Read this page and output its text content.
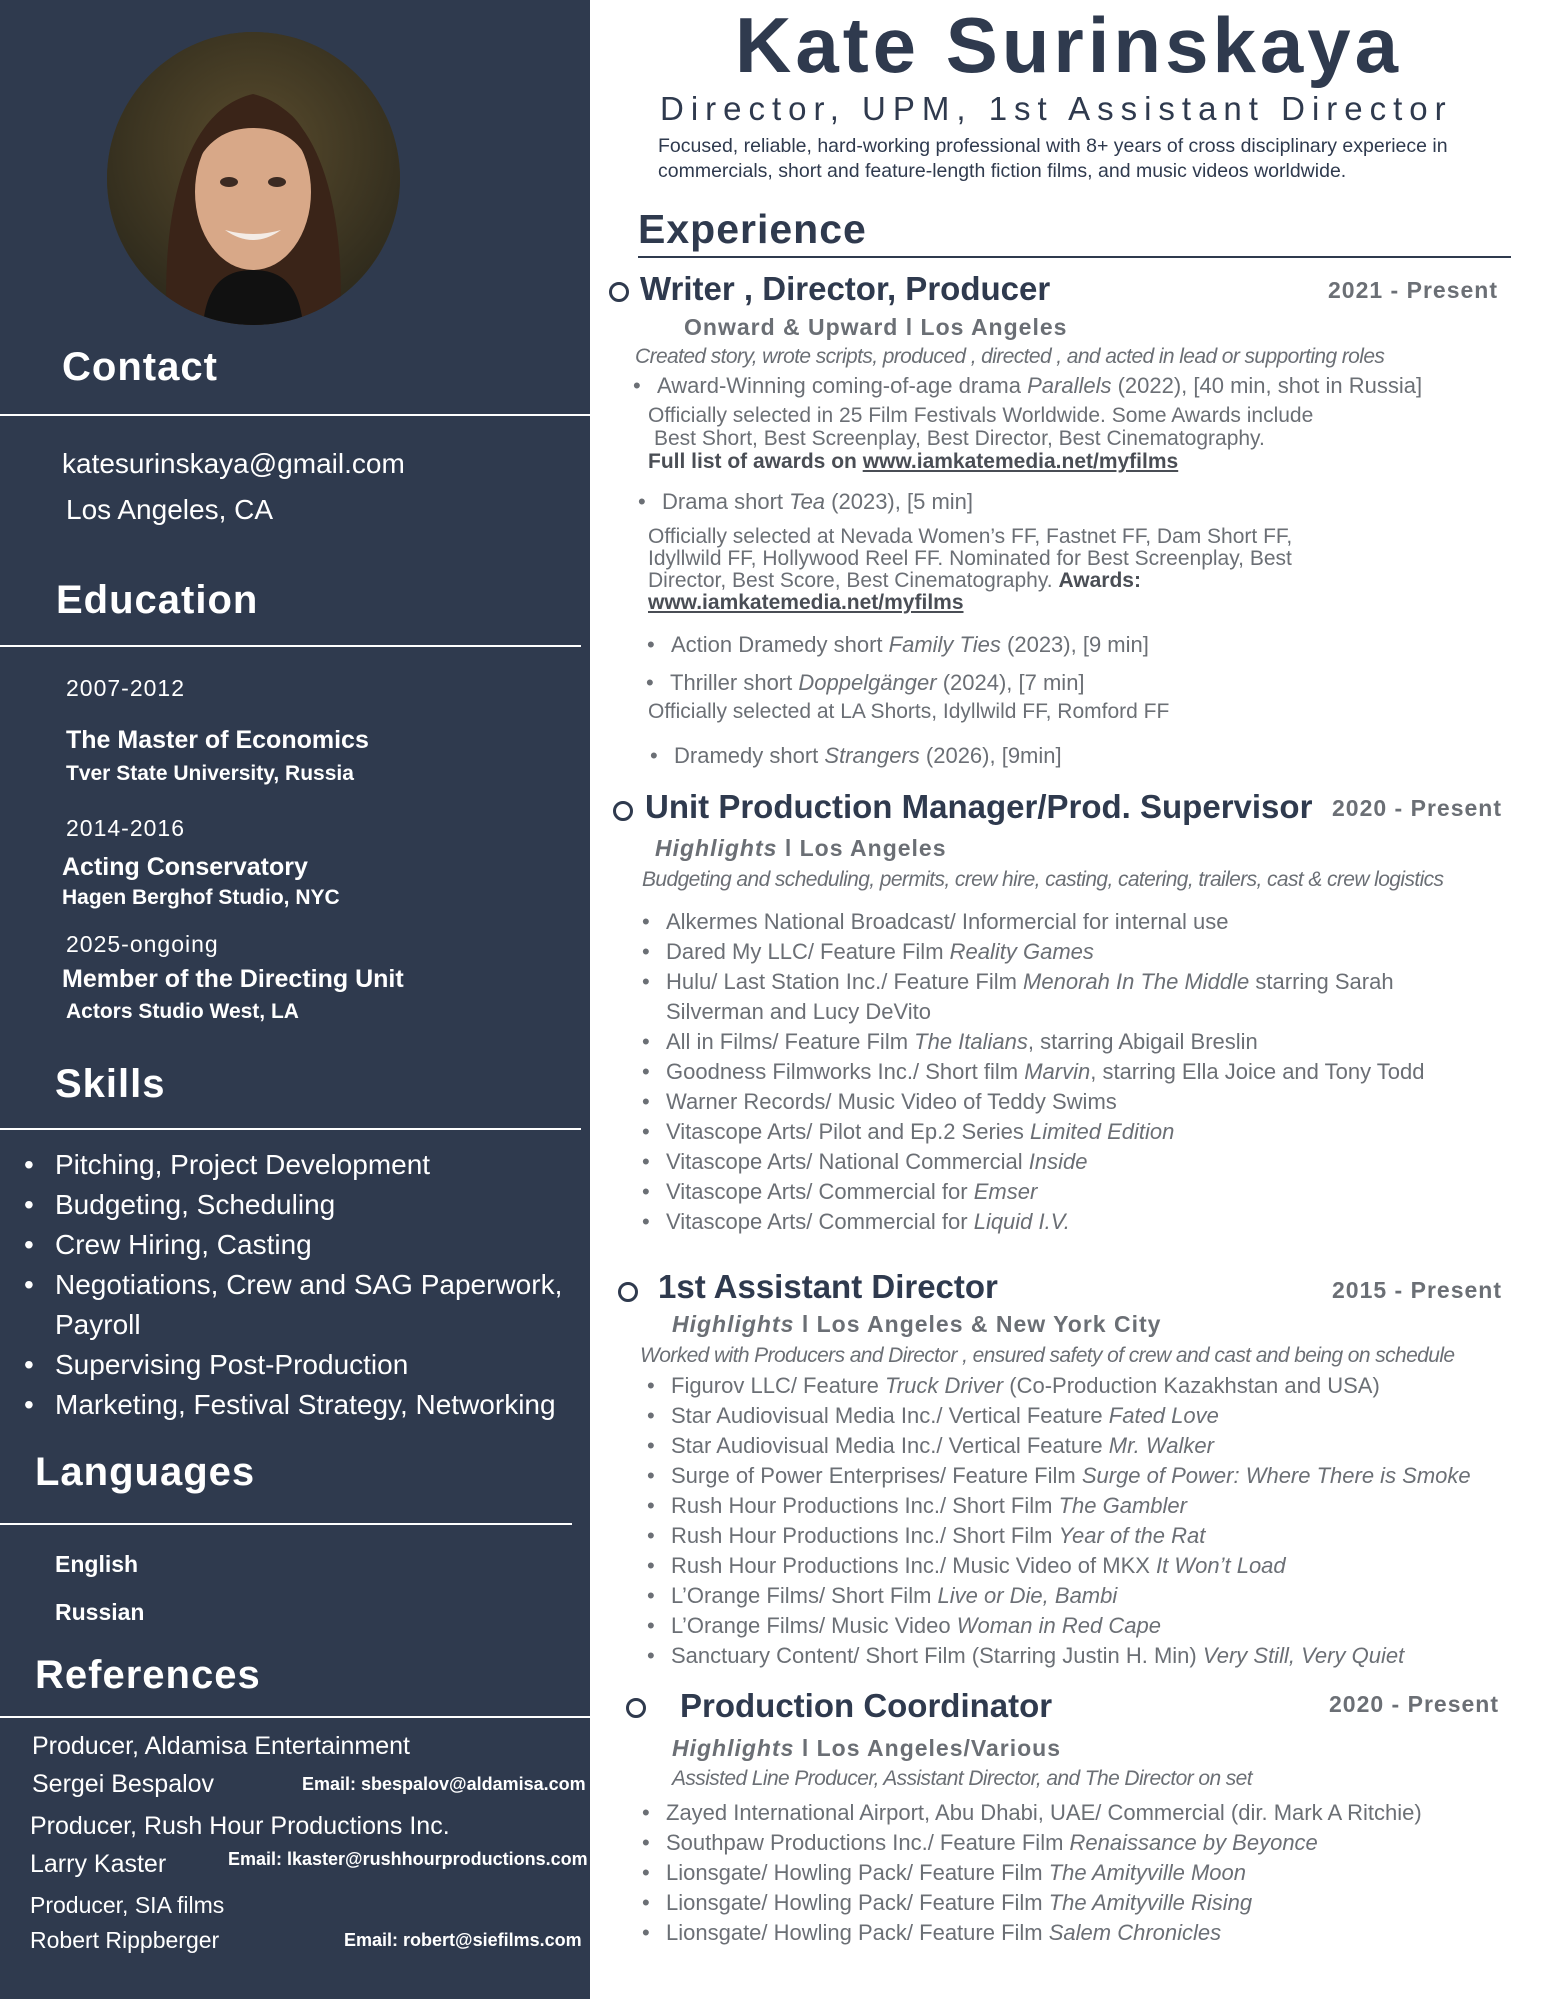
Contact
katesurinskaya@gmail.com
Los Angeles, CA
Education
2007-2012
The Master of Economics
Tver State University, Russia
2014-2016
Acting Conservatory
Hagen Berghof Studio, NYC
2025-ongoing
Member of the Directing Unit
Actors Studio West, LA
Skills
• Pitching, Project Development
• Budgeting, Scheduling
• Crew Hiring, Casting
• Negotiations, Crew and SAG Paperwork,
Payroll
• Supervising Post-Production
• Marketing, Festival Strategy, Networking
Languages
English
Russian
References
Producer, Aldamisa Entertainment
Sergei Bespalov	Email: sbespalov@aldamisa.com
Producer, Rush Hour Productions Inc.
Larry Kaster	Email: lkaster@rushhourproductions.com
Producer, SIA films
Robert Rippberger	Email: robert@siefilms.com
Kate Surinskaya
Director, UPM, 1st Assistant Director
Focused, reliable, hard-working professional with 8+ years of cross disciplinary experiece in commercials, short and feature-length fiction films, and music videos worldwide.
Experience
Writer , Director, Producer	2021 - Present
Onward & Upward l Los Angeles
Created story, wrote scripts, produced , directed , and acted in lead or supporting roles
• Award-Winning coming-of-age drama Parallels (2022), [40 min, shot in Russia]
Officially selected in 25 Film Festivals Worldwide. Some Awards include
Best Short, Best Screenplay, Best Director, Best Cinematography.
Full list of awards on www.iamkatemedia.net/myfilms
• Drama short Tea (2023), [5 min]
Officially selected at Nevada Women’s FF, Fastnet FF, Dam Short FF,
Idyllwild FF, Hollywood Reel FF. Nominated for Best Screenplay, Best
Director, Best Score, Best Cinematography. Awards:
www.iamkatemedia.net/myfilms
• Action Dramedy short Family Ties (2023), [9 min]
• Thriller short Doppelgänger (2024), [7 min]
Officially selected at LA Shorts, Idyllwild FF, Romford FF
• Dramedy short Strangers (2026), [9min]
Unit Production Manager/Prod. Supervisor 2020 - Present
Highlights l Los Angeles
Budgeting and scheduling, permits, crew hire, casting, catering, trailers, cast & crew logistics
• Alkermes National Broadcast/ Informercial for internal use
• Dared My LLC/ Feature Film Reality Games
• Hulu/ Last Station Inc./ Feature Film Menorah In The Middle starring Sarah
Silverman and Lucy DeVito
• All in Films/ Feature Film The Italians, starring Abigail Breslin
• Goodness Filmworks Inc./ Short film Marvin, starring Ella Joice and Tony Todd
• Warner Records/ Music Video of Teddy Swims
• Vitascope Arts/ Pilot and Ep.2 Series Limited Edition
• Vitascope Arts/ National Commercial Inside
• Vitascope Arts/ Commercial for Emser
• Vitascope Arts/ Commercial for Liquid I.V.
1st Assistant Director	2015 - Present
Highlights l Los Angeles & New York City
Worked with Producers and Director , ensured safety of crew and cast and being on schedule
• Figurov LLC/ Feature Truck Driver (Co-Production Kazakhstan and USA)
• Star Audiovisual Media Inc./ Vertical Feature Fated Love
• Star Audiovisual Media Inc./ Vertical Feature Mr. Walker
• Surge of Power Enterprises/ Feature Film Surge of Power: Where There is Smoke
• Rush Hour Productions Inc./ Short Film The Gambler
• Rush Hour Productions Inc./ Short Film Year of the Rat
• Rush Hour Productions Inc./ Music Video of MKX It Won’t Load
• L’Orange Films/ Short Film Live or Die, Bambi
• L’Orange Films/ Music Video Woman in Red Cape
• Sanctuary Content/ Short Film (Starring Justin H. Min) Very Still, Very Quiet
Production Coordinator	2020 - Present
Highlights l Los Angeles/Various
Assisted Line Producer, Assistant Director, and The Director on set
• Zayed International Airport, Abu Dhabi, UAE/ Commercial (dir. Mark A Ritchie)
• Southpaw Productions Inc./ Feature Film Renaissance by Beyonce
• Lionsgate/ Howling Pack/ Feature Film The Amityville Moon
• Lionsgate/ Howling Pack/ Feature Film The Amityville Rising
• Lionsgate/ Howling Pack/ Feature Film Salem Chronicles
